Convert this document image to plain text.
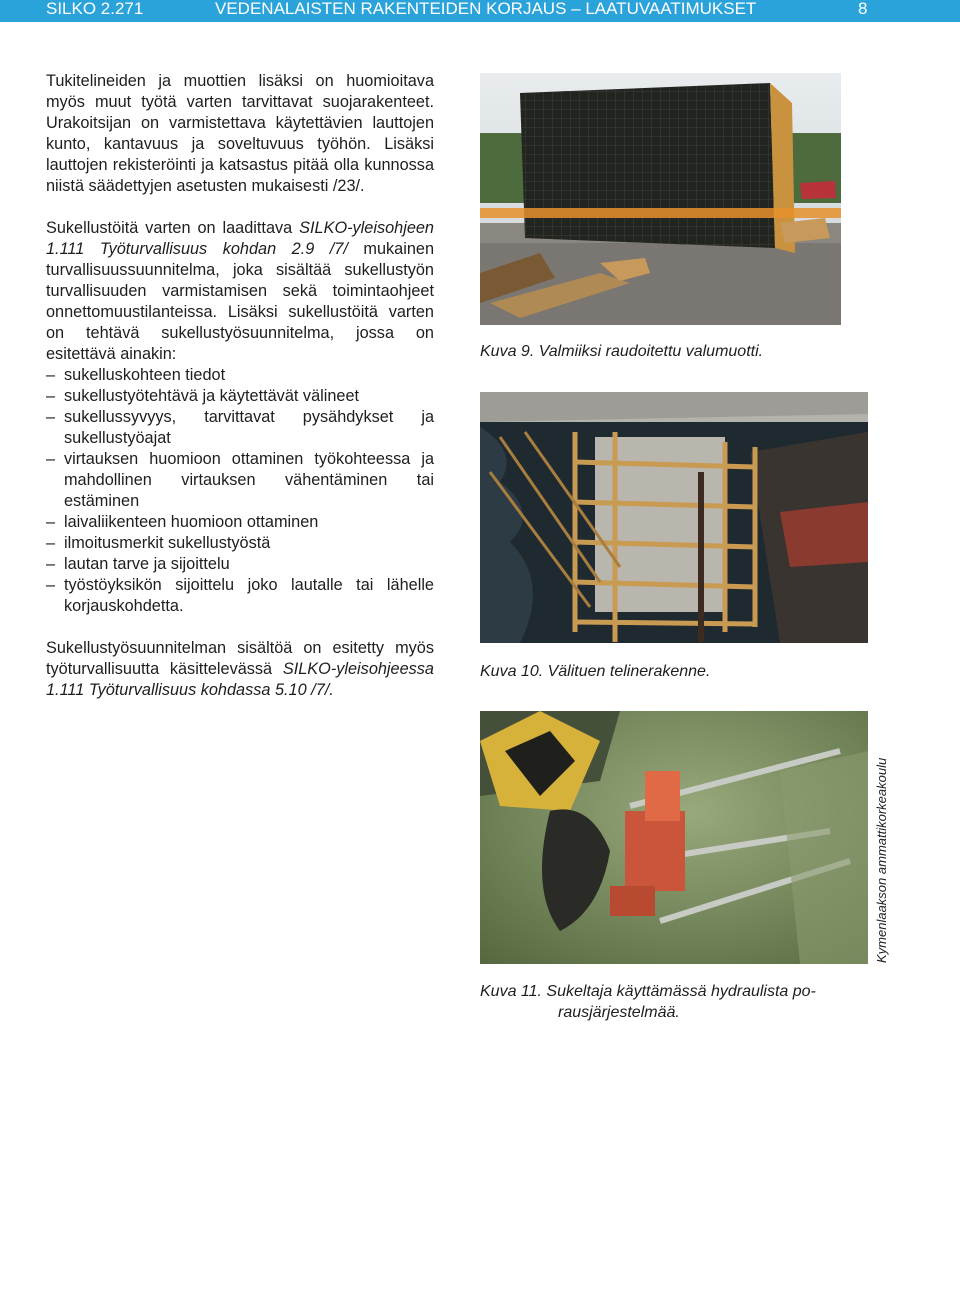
SILKO 2.271	VEDENALAISTEN RAKENTEIDEN KORJAUS – LAATUVAATIMUKSET	8

Tukitelineiden ja muottien lisäksi on huomioitava myös muut työtä varten tarvittavat suojarakenteet. Urakoitsijan on varmistettava käytettävien lauttojen kunto, kantavuus ja soveltuvuus työhön. Lisäksi lauttojen rekisteröinti ja katsastus pitää olla kunnossa niistä säädettyjen asetusten mukaisesti /23/.

Sukellustöitä varten on laadittava SILKO-yleisohjeen 1.111 Työturvallisuus kohdan 2.9 /7/ mukainen turvallisuussuunnitelma, joka sisältää sukellustyön turvallisuuden varmistamisen sekä toimintaohjeet onnettomuustilanteissa. Lisäksi sukellustöitä varten on tehtävä sukellustyösuunnitelma, jossa on esitettävä ainakin:

– sukelluskohteen tiedot
– sukellustyötehtävä ja käytettävät välineet
– sukellussyvyys, tarvittavat pysähdykset ja sukellustyöajat
– virtauksen huomioon ottaminen työkohteessa ja mahdollinen virtauksen vähentäminen tai estäminen
– laivaliikenteen huomioon ottaminen
– ilmoitusmerkit sukellustyöstä
– lautan tarve ja sijoittelu
– työstöyksikön sijoittelu joko lautalle tai lähelle korjauskohdetta.

Sukellustyösuunnitelman sisältöä on esitetty myös työturvallisuutta käsittelevässä SILKO-yleisohjeessa 1.111 Työturvallisuus kohdassa 5.10 /7/.

Kuva 9. Valmiiksi raudoitettu valumuotti.
Kuva 10. Välituen telinerakenne.
Kymenlaakson ammattikorkeakoulu
Kuva 11. Sukeltaja käyttämässä hydraulista po-
rausjärjestelmää.
